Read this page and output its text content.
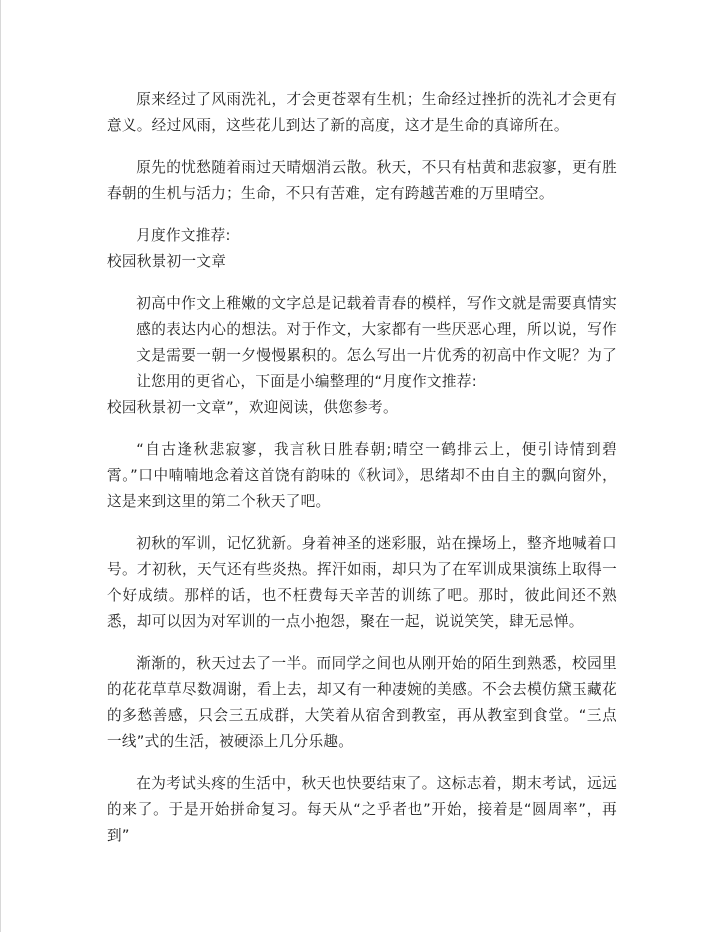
原来经过了风雨洗礼，才会更苍翠有生机；生命经过挫折的洗礼才会更有意义。经过风雨，这些花儿到达了新的高度，这才是生命的真谛所在。

原先的忧愁随着雨过天晴烟消云散。秋天，不只有枯黄和悲寂寥，更有胜春朝的生机与活力；生命，不只有苦难，定有跨越苦难的万里晴空。

月度作文推荐:
校园秋景初一文章
初高中作文上稚嫩的文字总是记载着青春的模样，写作文就是需要真情实感的表达内心的想法。对于作文，大家都有一些厌恶心理，所以说，写作文是需要一朝一夕慢慢累积的。怎么写出一片优秀的初高中作文呢？为了让您用的更省心，下面是小编整理的“月度作文推荐:
校园秋景初一文章”，欢迎阅读，供您参考。

“自古逢秋悲寂寥，我言秋日胜春朝;晴空一鹤排云上，便引诗情到碧霄。”口中喃喃地念着这首饶有韵味的《秋词》，思绪却不由自主的飘向窗外，这是来到这里的第二个秋天了吧。

初秋的军训，记忆犹新。身着神圣的迷彩服，站在操场上，整齐地喊着口号。才初秋，天气还有些炎热。挥汗如雨，却只为了在军训成果演练上取得一个好成绩。那样的话，也不枉费每天辛苦的训练了吧。那时，彼此间还不熟悉，却可以因为对军训的一点小抱怨，聚在一起，说说笑笑，肆无忌惮。

渐渐的，秋天过去了一半。而同学之间也从刚开始的陌生到熟悉，校园里的花花草草尽数凋谢，看上去，却又有一种凄婉的美感。不会去模仿黛玉藏花的多愁善感，只会三五成群，大笑着从宿舍到教室，再从教室到食堂。“三点一线”式的生活，被硬添上几分乐趣。

在为考试头疼的生活中，秋天也快要结束了。这标志着，期末考试，远远的来了。于是开始拼命复习。每天从“之乎者也”开始，接着是“圆周率”，再到”
